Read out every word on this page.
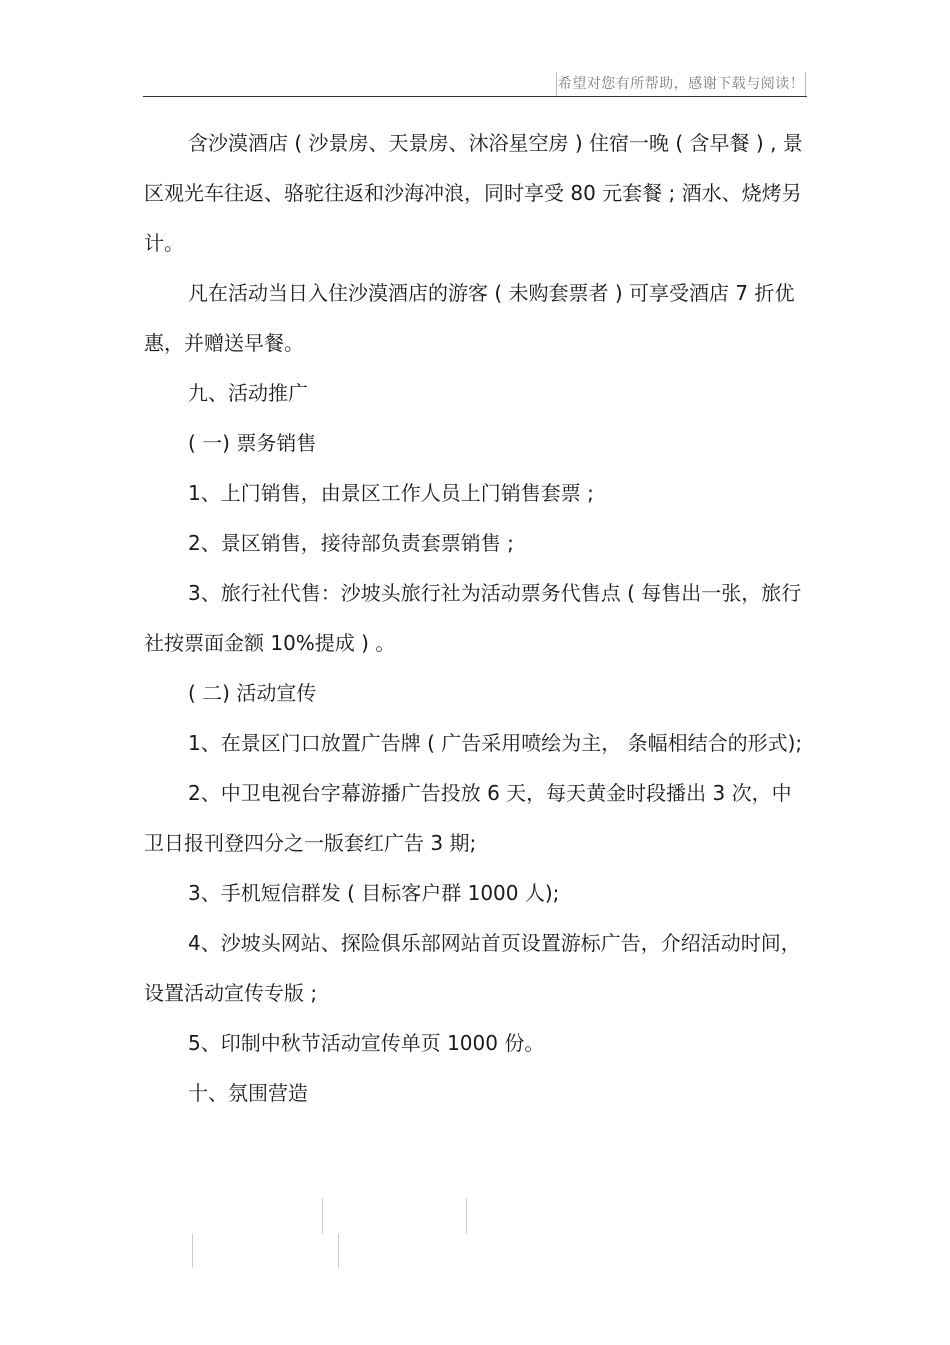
希望对您有所帮助，感谢下载与阅读！

含沙漠酒店 ( 沙景房、天景房、沐浴星空房 ) 住宿一晚 ( 含早餐 ) , 景区观光车往返、骆驼往返和沙海冲浪，同时享受 80 元套餐 ; 酒水、烧烤另计。

凡在活动当日入住沙漠酒店的游客 ( 未购套票者 ) 可享受酒店 7 折优惠，并赠送早餐。

九、活动推广

( 一) 票务销售

1、上门销售，由景区工作人员上门销售套票 ;

2、景区销售，接待部负责套票销售 ;

3、旅行社代售：沙坡头旅行社为活动票务代售点 ( 每售出一张，旅行社按票面金额 10%提成 ) 。

( 二) 活动宣传

1、在景区门口放置广告牌 ( 广告采用喷绘为主， 条幅相结合的形式);

2、中卫电视台字幕游播广告投放 6 天，每天黄金时段播出 3 次，中卫日报刊登四分之一版套红广告 3 期;

3、手机短信群发 ( 目标客户群 1000 人);

4、沙坡头网站、探险俱乐部网站首页设置游标广告，介绍活动时间，设置活动宣传专版 ;

5、印制中秋节活动宣传单页 1000 份。

十、氛围营造
